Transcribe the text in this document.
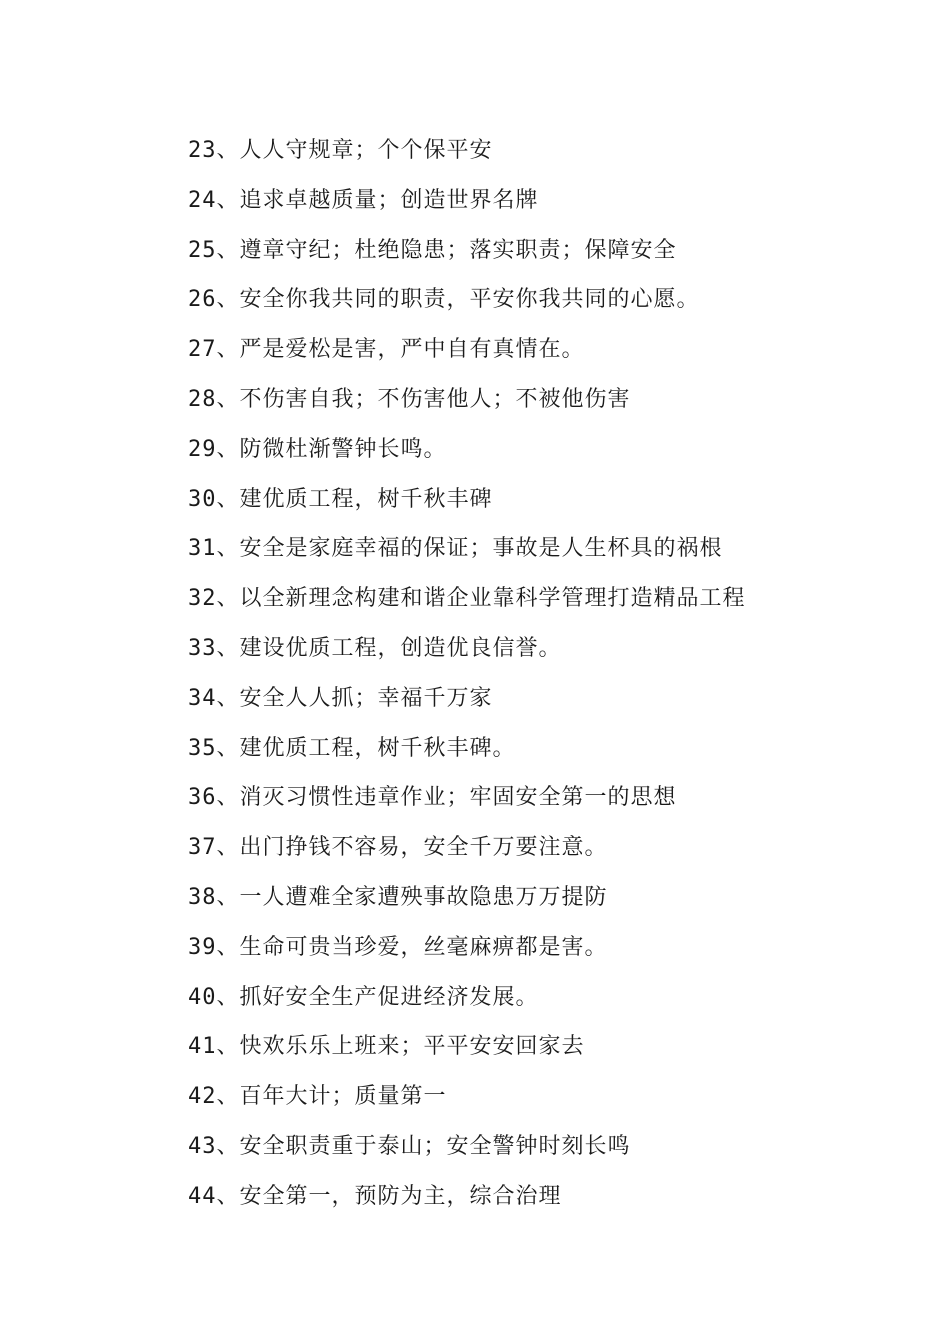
23、人人守规章；个个保平安
24、追求卓越质量；创造世界名牌
25、遵章守纪；杜绝隐患；落实职责；保障安全
26、安全你我共同的职责，平安你我共同的心愿。
27、严是爱松是害，严中自有真情在。
28、不伤害自我；不伤害他人；不被他伤害
29、防微杜渐警钟长鸣。
30、建优质工程，树千秋丰碑
31、安全是家庭幸福的保证；事故是人生杯具的祸根
32、以全新理念构建和谐企业靠科学管理打造精品工程
33、建设优质工程，创造优良信誉。
34、安全人人抓；幸福千万家
35、建优质工程，树千秋丰碑。
36、消灭习惯性违章作业；牢固安全第一的思想
37、出门挣钱不容易，安全千万要注意。
38、一人遭难全家遭殃事故隐患万万提防
39、生命可贵当珍爱，丝毫麻痹都是害。
40、抓好安全生产促进经济发展。
41、快欢乐乐上班来；平平安安回家去
42、百年大计；质量第一
43、安全职责重于泰山；安全警钟时刻长鸣
44、安全第一，预防为主，综合治理
